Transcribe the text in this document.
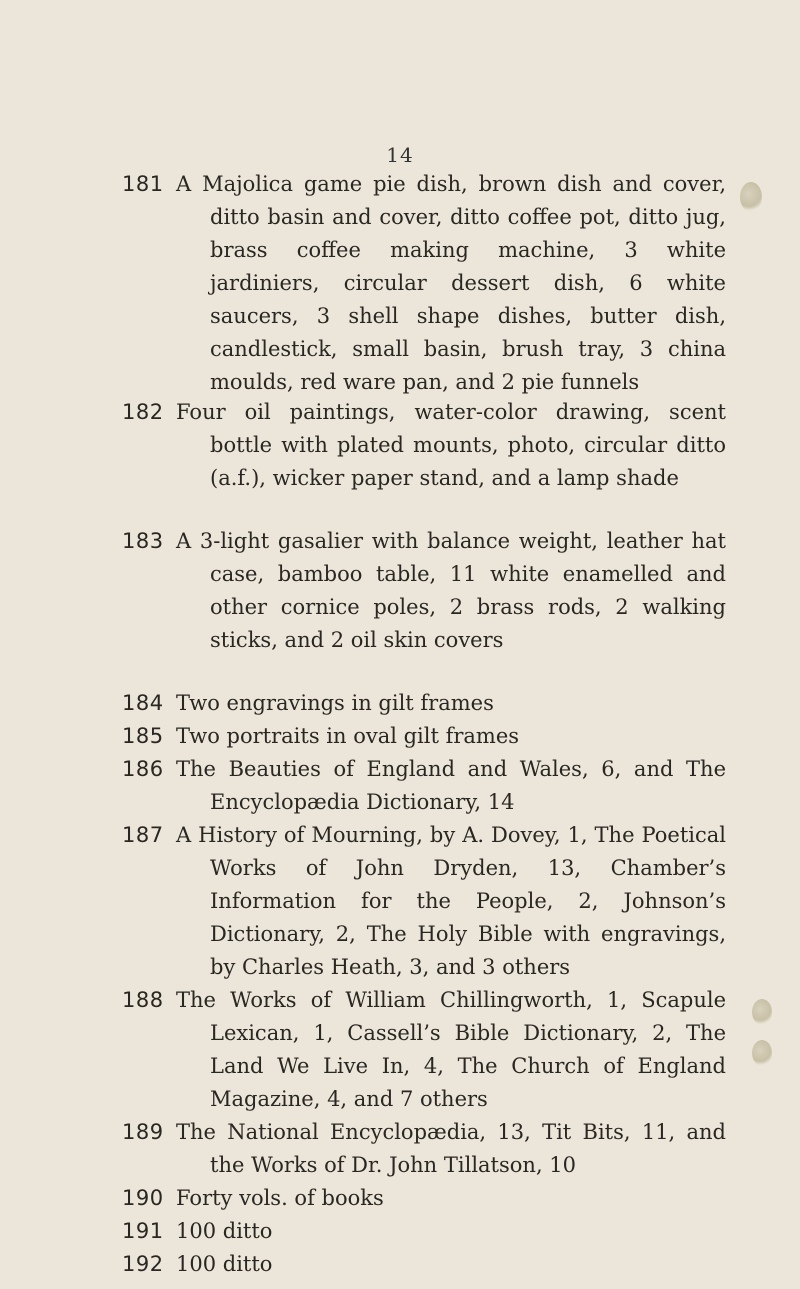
14
181 A Majolica game pie dish, brown dish and cover, ditto basin and cover, ditto coffee pot, ditto jug, brass coffee making machine, 3 white jardiniers, circular dessert dish, 6 white saucers, 3 shell shape dishes, butter dish, candlestick, small basin, brush tray, 3 china moulds, red ware pan, and 2 pie funnels
182 Four oil paintings, water-color drawing, scent bottle with plated mounts, photo, circular ditto (a.f.), wicker paper stand, and a lamp shade
183 A 3-light gasalier with balance weight, leather hat case, bamboo table, 11 white enamelled and other cornice poles, 2 brass rods, 2 walking sticks, and 2 oil skin covers
184 Two engravings in gilt frames
185 Two portraits in oval gilt frames
186 The Beauties of England and Wales, 6, and The Encyclopædia Dictionary, 14
187 A History of Mourning, by A. Dovey, 1, The Poetical Works of John Dryden, 13, Chamber’s Information for the People, 2, Johnson’s Dictionary, 2, The Holy Bible with engravings, by Charles Heath, 3, and 3 others
188 The Works of William Chillingworth, 1, Scapule Lexican, 1, Cassell’s Bible Dictionary, 2, The Land We Live In, 4, The Church of England Magazine, 4, and 7 others
189 The National Encyclopædia, 13, Tit Bits, 11, and the Works of Dr. John Tillatson, 10
190 Forty vols. of books
191 100 ditto
192 100 ditto
